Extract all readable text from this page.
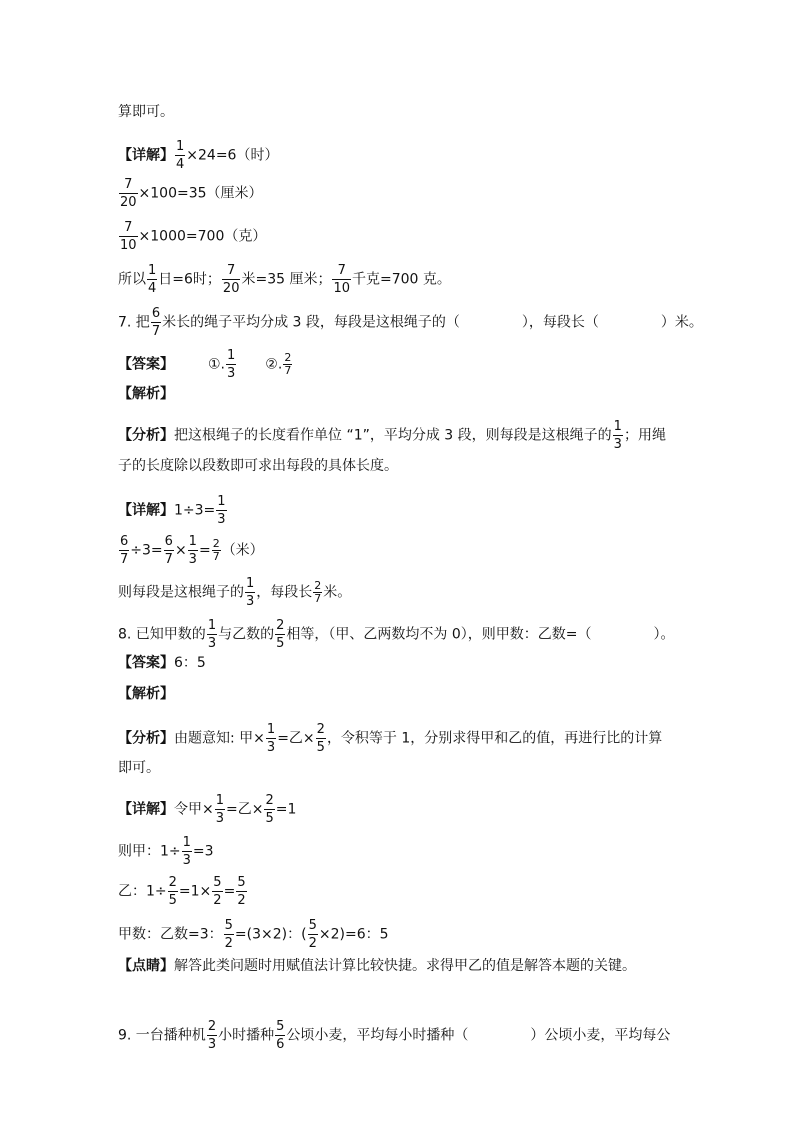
算即可。
【详解】 $\frac{1}{4} \times 24=6$（时）
$\frac{7}{20} \times 100=35$（厘米）
$\frac{7}{10} \times 1000=700$（克）
所以 $\frac{1}{4}$ 日=6时； $\frac{7}{20}$ 米=35 厘米； $\frac{7}{10}$ 千克=700 克。
7. 把 $\frac{6}{7}$ 米长的绳子平均分成 3 段，每段是这根绳子的（	），每段长（	）米。
【答案】 ①. $\frac{1}{3}$ ②. $\frac{2}{7}$
【解析】
【分析】把这根绳子的长度看作单位 “1”，平均分成 3 段，则每段是这根绳子的 $\frac{1}{3}$ ；用绳
子的长度除以段数即可求出每段的具体长度。
【详解】$1\div 3= \frac{1}{3}$
$\frac{6}{7} \div 3= \frac{6}{7} \times \frac{1}{3} = \frac{2}{7}$ （米）
则每段是这根绳子的 $\frac{1}{3}$ ，每段长 $\frac{2}{7}$ 米。
8. 已知甲数的 $\frac{1}{3}$ 与乙数的 $\frac{2}{5}$ 相等，（甲、乙两数均不为 0），则甲数：乙数=（	）。
【答案】6：5
【解析】
【分析】由题意知: 甲× $\frac{1}{3}$ =乙× $\frac{2}{5}$ ，令积等于 1，分别求得甲和乙的值，再进行比的计算
即可。
【详解】令甲× $\frac{1}{3}$ =乙× $\frac{2}{5} =1$
则甲：$1\div \frac{1}{3} =3$
乙：$1\div \frac{2}{5} =1\times \frac{5}{2} = \frac{5}{2}$
甲数：乙数=3： $\frac{5}{2} =(3\times 2)$：( $\frac{5}{2} \times 2)=6$：5
【点睛】解答此类问题时用赋值法计算比较快捷。求得甲乙的值是解答本题的关键。
9. 一台播种机 $\frac{2}{3}$ 小时播种 $\frac{5}{6}$ 公顷小麦，平均每小时播种（	）公顷小麦，平均每公
